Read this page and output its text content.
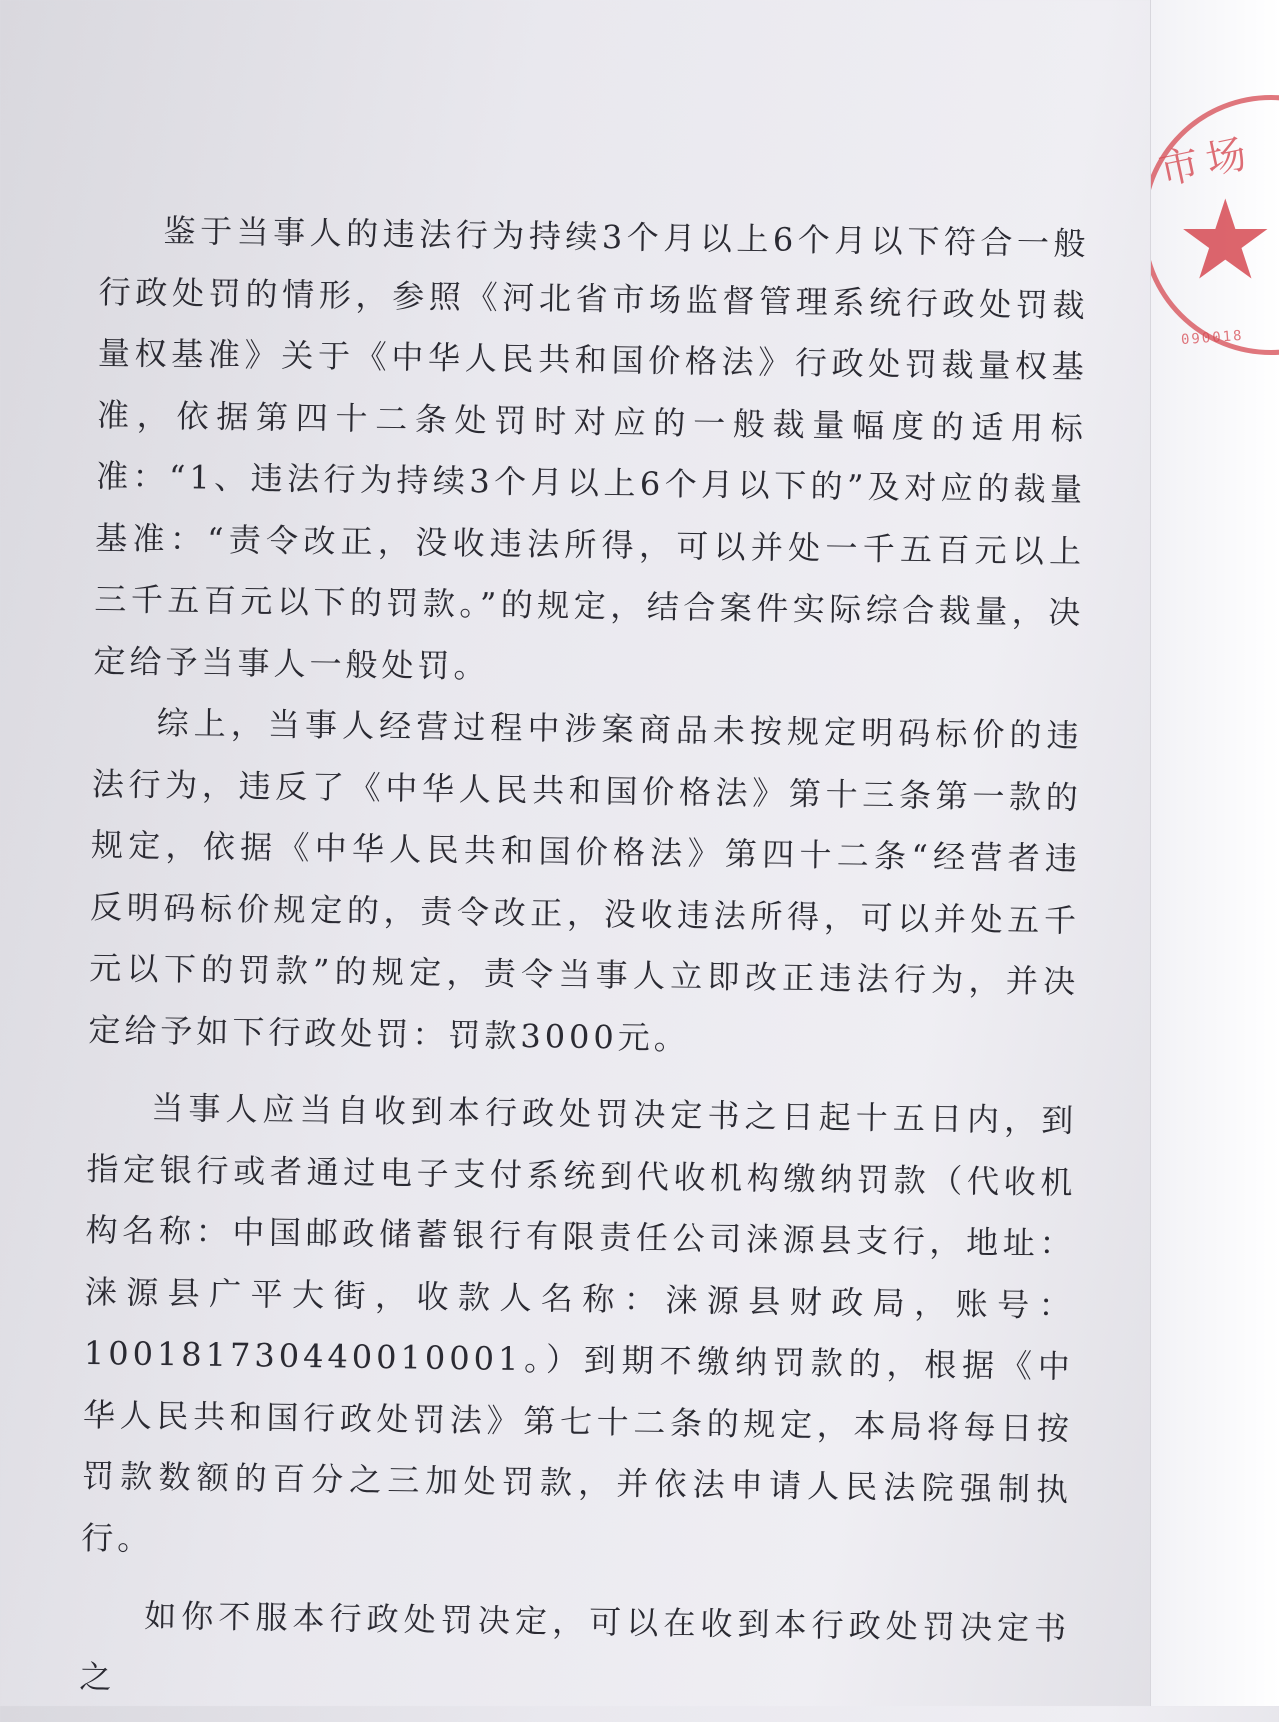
鉴于当事人的违法行为持续3个月以上6个月以下符合一般行政处罚的情形，参照《河北省市场监督管理系统行政处罚裁量权基准》关于《中华人民共和国价格法》行政处罚裁量权基准，依据第四十二条处罚时对应的一般裁量幅度的适用标准：“1、违法行为持续3个月以上6个月以下的”及对应的裁量基准：“责令改正，没收违法所得，可以并处一千五百元以上三千五百元以下的罚款。”的规定，结合案件实际综合裁量，决定给予当事人一般处罚。

综上，当事人经营过程中涉案商品未按规定明码标价的违法行为，违反了《中华人民共和国价格法》第十三条第一款的规定，依据《中华人民共和国价格法》第四十二条“经营者违反明码标价规定的，责令改正，没收违法所得，可以并处五千元以下的罚款”的规定，责令当事人立即改正违法行为，并决定给予如下行政处罚：罚款3000元。

当事人应当自收到本行政处罚决定书之日起十五日内，到指定银行或者通过电子支付系统到代收机构缴纳罚款（代收机构名称：中国邮政储蓄银行有限责任公司涞源县支行，地址：涞源县广平大街，收款人名称：涞源县财政局，账号：100181730440010001。）到期不缴纳罚款的，根据《中华人民共和国行政处罚法》第七十二条的规定，本局将每日按罚款数额的百分之三加处罚款，并依法申请人民法院强制执行。

如你不服本行政处罚决定，可以在收到本行政处罚决定书之

市场
★
090018
